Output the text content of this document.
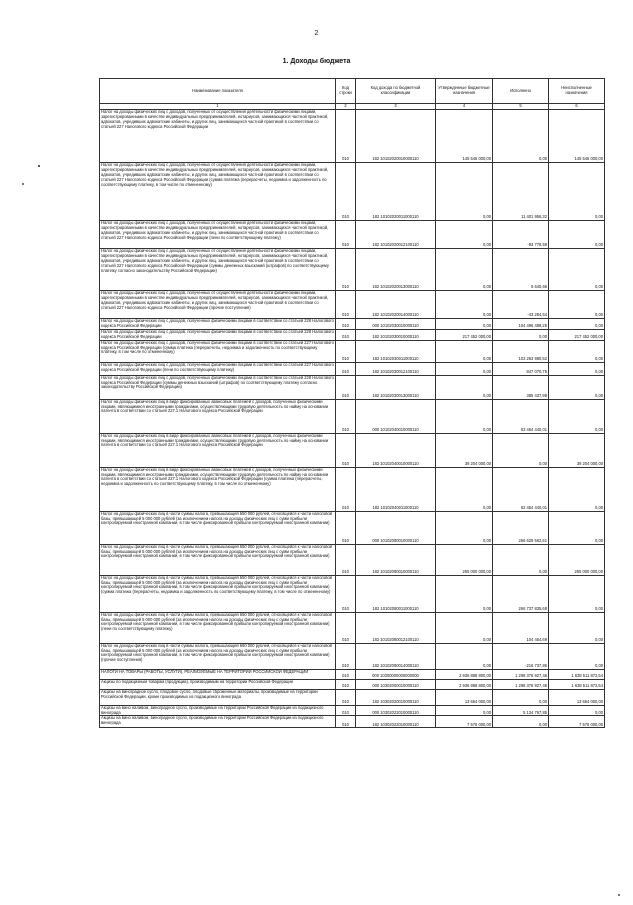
2
1. Доходы бюджета
Наименование показателя	Код строки	Код дохода по бюджетной классификации	Утвержденные бюджетные назначения	Исполнено	Неисполненные назначения
1	2	3	4	5	6
Налог на доходы физических лиц с доходов, полученных от осуществления деятельности физическими лицами, зарегистрированными в качестве индивидуальных предпринимателей, нотариусов, занимающихся частной практикой, адвокатов, учредивших адвокатские кабинеты, и других лиц, занимающихся частной практикой в соответствии со статьей 227 Налогового кодекса Российской Федерации	010	182 10102020010000110	145 546 000,00	0,00	145 546 000,00
Налог на доходы физических лиц с доходов, полученных от осуществления деятельности физическими лицами, зарегистрированными в качестве индивидуальных предпринимателей, нотариусов, занимающихся частной практикой, адвокатов, учредивших адвокатские кабинеты, и других лиц, занимающихся частной практикой в соответствии со статьей 227 Налогового кодекса Российской Федерации (сумма платежа (перерасчеты, недоимка и задолженность по соответствующему платежу, в том числе по отмененному)	010	182 10102020011000110	0,00	11 401 956,32	0,00
Налог на доходы физических лиц с доходов, полученных от осуществления деятельности физическими лицами, зарегистрированными в качестве индивидуальных предпринимателей, нотариусов, занимающихся частной практикой, адвокатов, учредивших адвокатские кабинеты, и других лиц, занимающихся частной практикой в соответствии со статьей 227 Налогового кодекса Российской Федерации (пени по соответствующему платежу)	010	182 10102020012100110	0,00	-93 778,59	0,00
Налог на доходы физических лиц с доходов, полученных от осуществления деятельности физическими лицами, зарегистрированными в качестве индивидуальных предпринимателей, нотариусов, занимающихся частной практикой, адвокатов, учредивших адвокатские кабинеты, и других лиц, занимающихся частной практикой в соответствии со статьей 227 Налогового кодекса Российской Федерации (суммы денежных взысканий (штрафов) по соответствующему платежу согласно законодательству Российской Федерации)	010	182 10102020013000110	0,00	6 640,66	0,00
Налог на доходы физических лиц с доходов, полученных от осуществления деятельности физическими лицами, зарегистрированными в качестве индивидуальных предпринимателей, нотариусов, занимающихся частной практикой, адвокатов, учредивших адвокатские кабинеты, и других лиц, занимающихся частной практикой в соответствии со статьей 227 Налогового кодекса Российской Федерации (прочие поступления)	010	182 10102020014000110	0,00	-43 284,64	0,00
Налог на доходы физических лиц с доходов, полученных физическими лицами в соответствии со статьей 228 Налогового кодекса Российской Федерации	010	000 10102030010000110	0,00	104 496 489,25	0,00
Налог на доходы физических лиц с доходов, полученных физическими лицами в соответствии со статьей 228 Налогового кодекса Российской Федерации	010	182 10102030010000110	217 452 000,00	0,00	217 452 000,00
Налог на доходы физических лиц с доходов, полученных физическими лицами в соответствии со статьей 227 Налогового кодекса Российской Федерации (сумма платежа (перерасчеты, недоимка и задолженность по соответствующему платежу, в том числе по отмененному)	010	182 10102030011000110	0,00	103 263 980,52	0,00
Налог на доходы физических лиц с доходов, полученных физическими лицами в соответствии со статьей 227 Налогового кодекса Российской Федерации (пени по соответствующему платежу)	010	182 10102030012100110	0,00	847 070,75	0,00
Налог на доходы физических лиц с доходов, полученных физическими лицами в соответствии со статьей 228 Налогового кодекса Российской Федерации (суммы денежных взысканий (штрафов) по соответствующему платежу согласно законодательству Российской Федерации)	010	182 10102030013000110	0,00	385 437,98	0,00
Налог на доходы физических лиц в виде фиксированных авансовых платежей с доходов, полученных физическими лицами, являющимися иностранными гражданами, осуществляющими трудовую деятельность по найму на основании патента в соответствии со статьей 227.1 Налогового кодекса Российской Федерации	010	000 10102040010000110	0,00	63 454 440,01	0,00
Налог на доходы физических лиц в виде фиксированных авансовых платежей с доходов, полученных физическими лицами, являющимися иностранными гражданами, осуществляющими трудовую деятельность по найму на основании патента в соответствии со статьей 227.1 Налогового кодекса Российской Федерации	010	182 10102040010000110	39 204 000,00	0,00	39 204 000,00
Налог на доходы физических лиц в виде фиксированных авансовых платежей с доходов, полученных физическими лицами, являющимися иностранными гражданами, осуществляющими трудовую деятельность по найму на основании патента в соответствии со статьей 227.1 Налогового кодекса Российской Федерации (сумма платежа (перерасчеты, недоимка и задолженность по соответствующему платежу, в том числе по отмененному)	010	182 10102040011000110	0,00	63 454 440,01	0,00
Налог на доходы физических лиц в части суммы налога, превышающей 650 000 рублей, относящейся к части налоговой базы, превышающей 5 000 000 рублей (за исключением налога на доходы физических лиц с сумм прибыли контролируемой иностранной компании, в том числе фиксированной прибыли контролируемой иностранной компании)	010	000 10102080010000110	0,00	266 625 562,51	0,00
Налог на доходы физических лиц в части суммы налога, превышающей 650 000 рублей, относящейся к части налоговой базы, превышающей 5 000 000 рублей (за исключением налога на доходы физических лиц с сумм прибыли контролируемой иностранной компании, в том числе фиксированной прибыли контролируемой иностранной компании)	010	182 10102080010000110	255 000 000,00	0,00	255 000 000,00
Налог на доходы физических лиц в части суммы налога, превышающей 650 000 рублей, относящейся к части налоговой базы, превышающей 5 000 000 рублей (за исключением налога на доходы физических лиц с сумм прибыли контролируемой иностранной компании, в том числе фиксированной прибыли контролируемой иностранной компании) (сумма платежа (перерасчеты, недоимка и задолженность по соответствующему платежу, в том числе по отмененному)	010	182 10102080011000110	0,00	266 737 835,68	0,00
Налог на доходы физических лиц в части суммы налога, превышающей 650 000 рублей, относящейся к части налоговой базы, превышающей 5 000 000 рублей (за исключением налога на доходы физических лиц с сумм прибыли контролируемой иностранной компании, в том числе фиксированной прибыли контролируемой иностранной компании) (пени по соответствующему платежу)	010	182 10102080012100110	0,00	104 464,69	0,00
Налог на доходы физических лиц в части суммы налога, превышающей 650 000 рублей, относящейся к части налоговой базы, превышающей 5 000 000 рублей (за исключением налога на доходы физических лиц с сумм прибыли контролируемой иностранной компании, в том числе фиксированной прибыли контролируемой иностранной компании) (прочие поступления)	010	182 10102080014000110	0,00	-216 737,86	0,00
НАЛОГИ НА ТОВАРЫ (РАБОТЫ, УСЛУГИ), РЕАЛИЗУЕМЫЕ НА ТЕРРИТОРИИ РОССИЙСКОЙ ФЕДЕРАЦИИ	010	000 10300000000000000	2 936 888 800,00	1 298 376 927,46	1 638 511 872,54
Акцизы по подакцизным товарам (продукции), производимым на территории Российской Федерации	010	000 10302000010000110	2 936 888 800,00	1 298 376 927,46	1 638 511 872,54
Акцизы на виноградное сусло, плодовое сусло, плодовые сброженные материалы, производимые на территории Российской Федерации, кроме производимых из подакцизного винограда	010	182 10302020010000110	13 664 000,00	0,00	13 664 000,00
Акцизы на вино наливом, виноградное сусло, производимые на территории Российской Федерации из подакцизного винограда	010	000 10302022010000110	0,00	5 134 767,85	0,00
Акцизы на вино наливом, виноградное сусло, производимые на территории Российской Федерации из подакцизного винограда	010	182 10302022010000110	7 576 000,00	0,00	7 576 000,00
